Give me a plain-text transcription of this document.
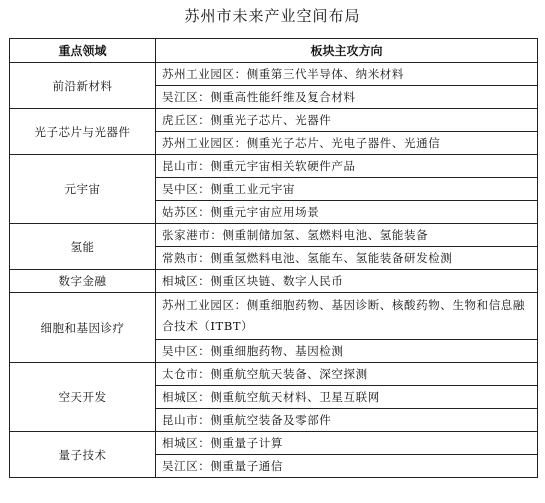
苏州市未来产业空间布局
重点领域	板块主攻方向
前沿新材料	苏州工业园区：侧重第三代半导体、纳米材料
	吴江区：侧重高性能纤维及复合材料
光子芯片与光器件	虎丘区：侧重光子芯片、光器件
	苏州工业园区：侧重光子芯片、光电子器件、光通信
元宇宙	昆山市：侧重元宇宙相关软硬件产品
	吴中区：侧重工业元宇宙
	姑苏区：侧重元宇宙应用场景
氢能	张家港市：侧重制储加氢、氢燃料电池、氢能装备
	常熟市：侧重氢燃料电池、氢能车、氢能装备研发检测
数字金融	相城区：侧重区块链、数字人民币
细胞和基因诊疗	苏州工业园区：侧重细胞药物、基因诊断、核酸药物、生物和信息融合技术（ITBT）
	吴中区：侧重细胞药物、基因检测
空天开发	太仓市：侧重航空航天装备、深空探测
	相城区：侧重航空航天材料、卫星互联网
	昆山市：侧重航空装备及零部件
量子技术	相城区：侧重量子计算
	吴江区：侧重量子通信
